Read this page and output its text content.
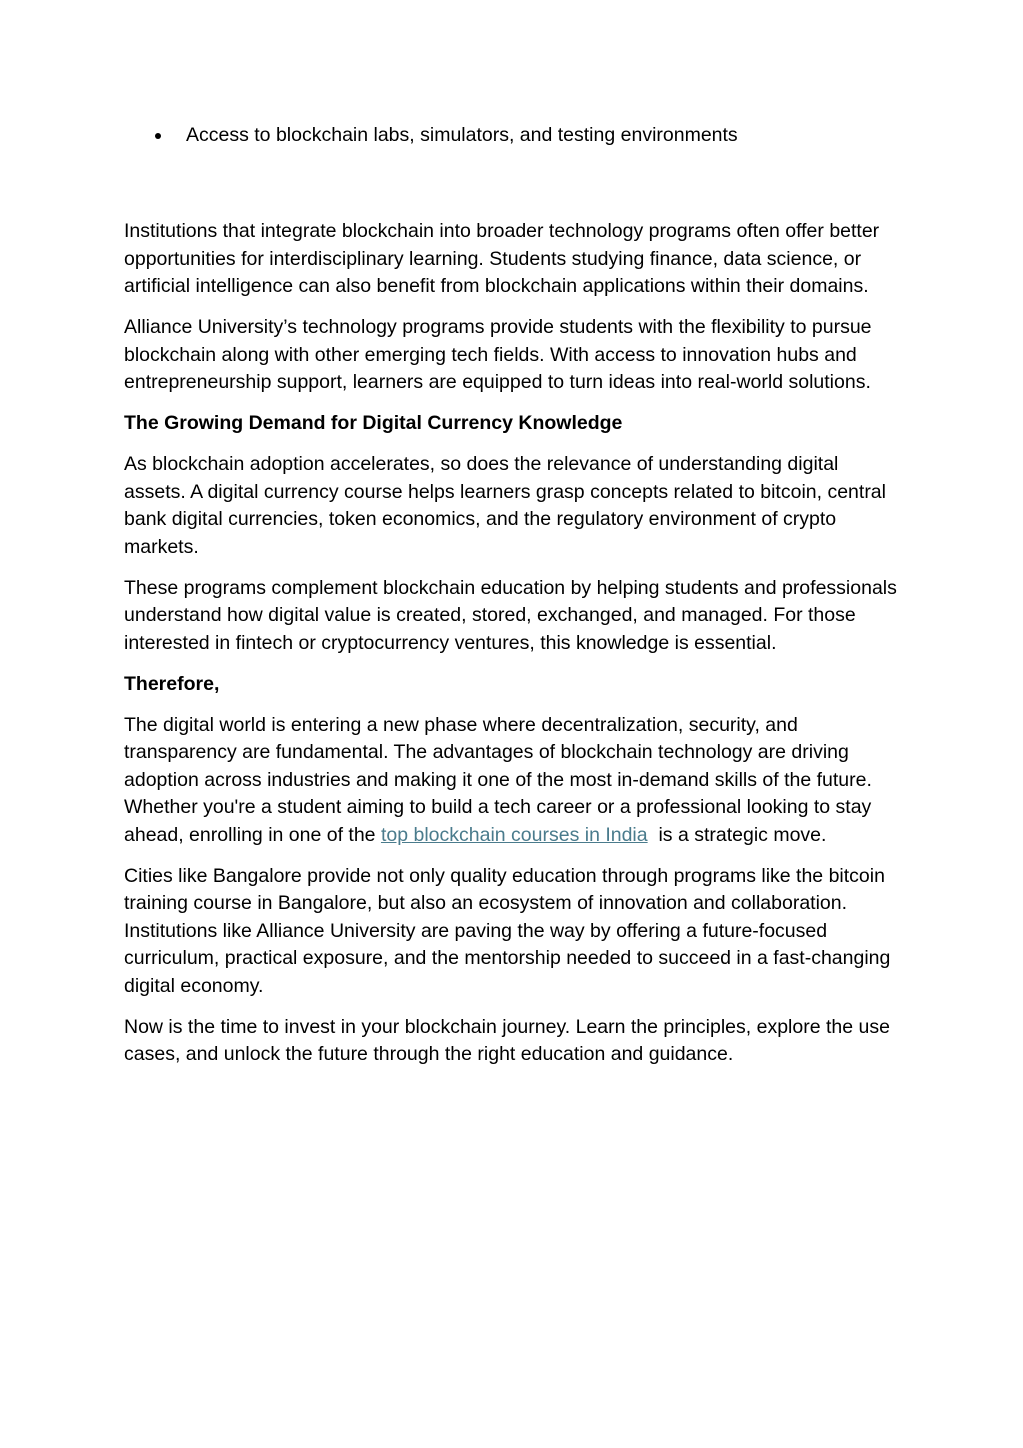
Access to blockchain labs, simulators, and testing environments

Institutions that integrate blockchain into broader technology programs often offer better opportunities for interdisciplinary learning. Students studying finance, data science, or artificial intelligence can also benefit from blockchain applications within their domains.

Alliance University’s technology programs provide students with the flexibility to pursue blockchain along with other emerging tech fields. With access to innovation hubs and entrepreneurship support, learners are equipped to turn ideas into real-world solutions.

The Growing Demand for Digital Currency Knowledge

As blockchain adoption accelerates, so does the relevance of understanding digital assets. A digital currency course helps learners grasp concepts related to bitcoin, central bank digital currencies, token economics, and the regulatory environment of crypto markets.

These programs complement blockchain education by helping students and professionals understand how digital value is created, stored, exchanged, and managed. For those interested in fintech or cryptocurrency ventures, this knowledge is essential.

Therefore,

The digital world is entering a new phase where decentralization, security, and transparency are fundamental. The advantages of blockchain technology are driving adoption across industries and making it one of the most in-demand skills of the future. Whether you're a student aiming to build a tech career or a professional looking to stay ahead, enrolling in one of the top blockchain courses in India  is a strategic move.

Cities like Bangalore provide not only quality education through programs like the bitcoin training course in Bangalore, but also an ecosystem of innovation and collaboration. Institutions like Alliance University are paving the way by offering a future-focused curriculum, practical exposure, and the mentorship needed to succeed in a fast-changing digital economy.

Now is the time to invest in your blockchain journey. Learn the principles, explore the use cases, and unlock the future through the right education and guidance.
